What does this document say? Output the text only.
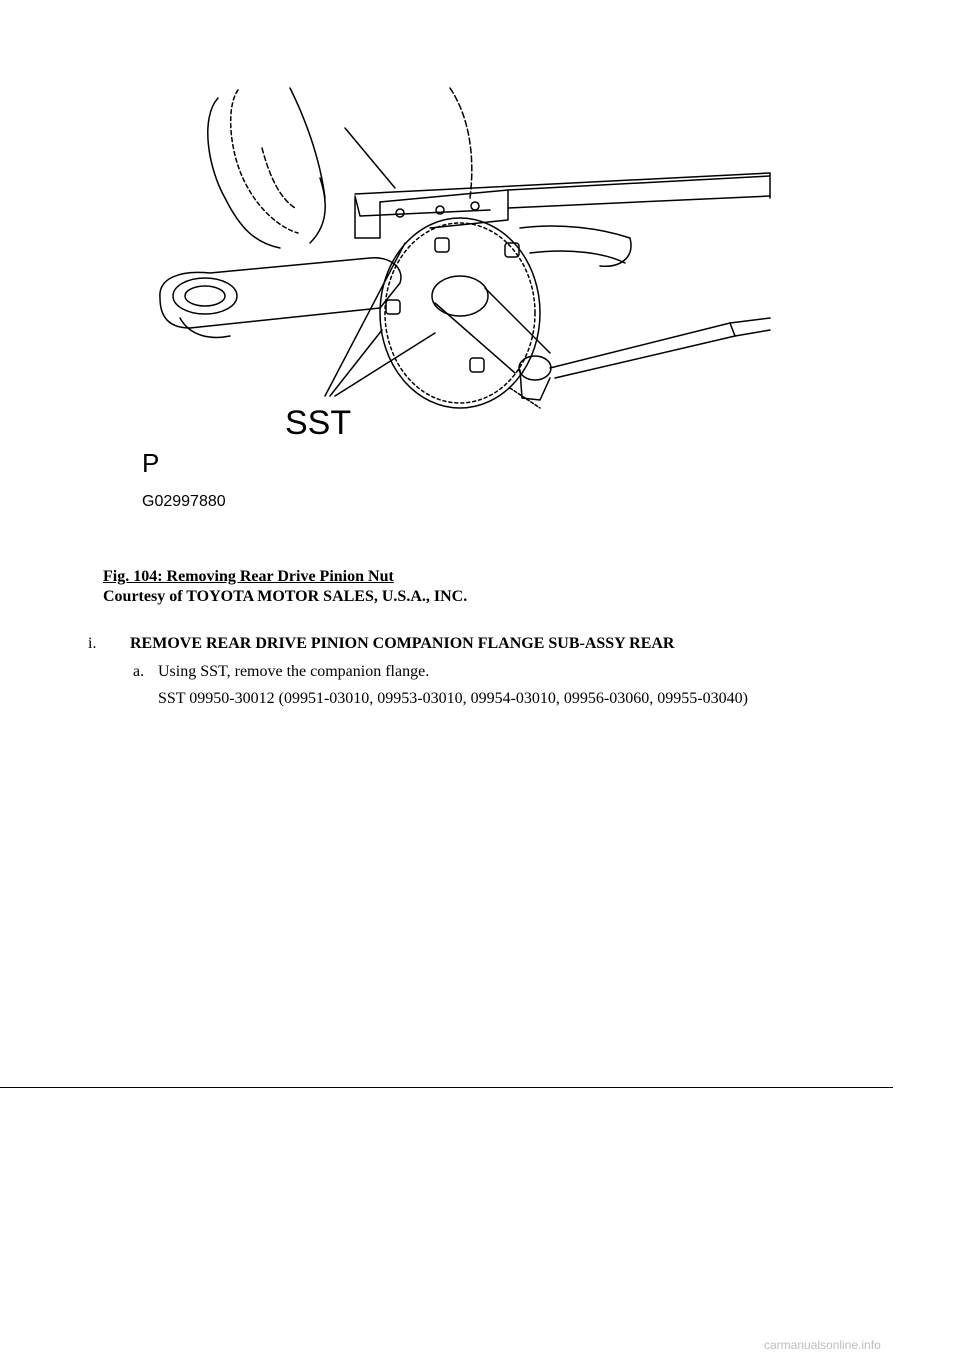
SST
P
G02997880
Fig. 104: Removing Rear Drive Pinion Nut
Courtesy of TOYOTA MOTOR SALES, U.S.A., INC.
i. REMOVE REAR DRIVE PINION COMPANION FLANGE SUB-ASSY REAR
a. Using SST, remove the companion flange.
SST 09950-30012 (09951-03010, 09953-03010, 09954-03010, 09956-03060, 09955-03040)
carmanualsonline.info
